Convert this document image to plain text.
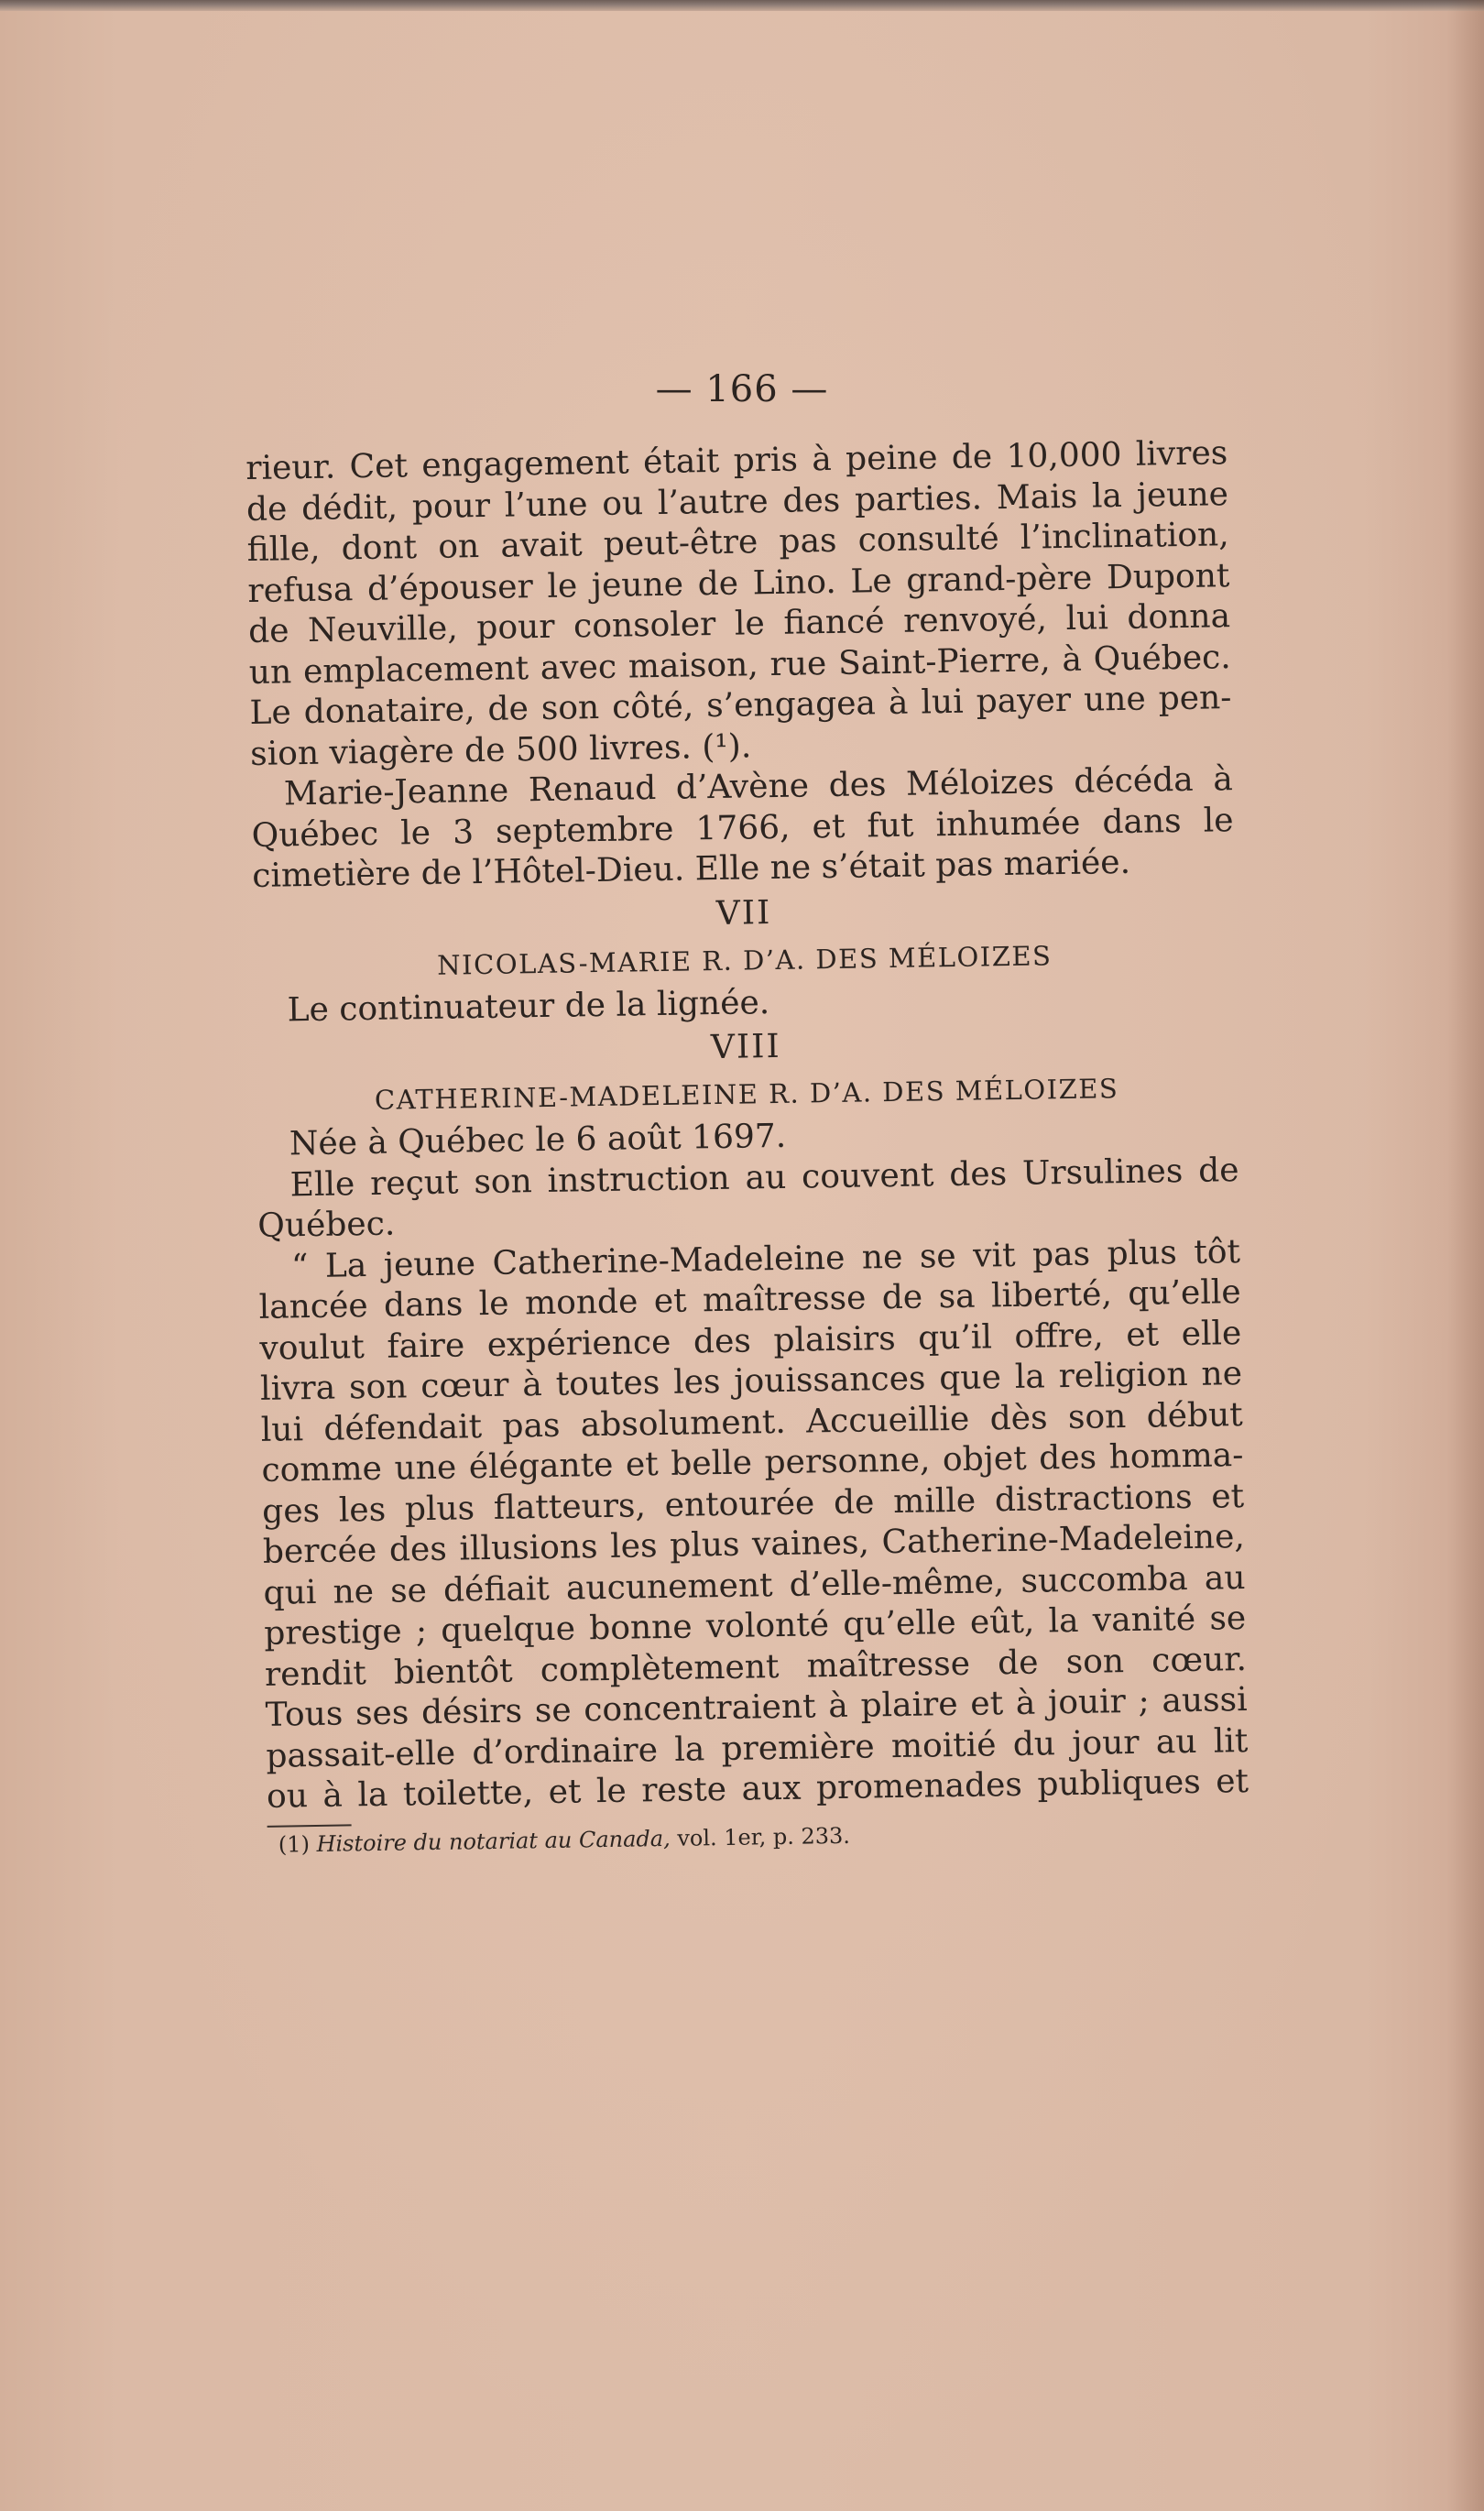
— 166 —
rieur. Cet engagement était pris à peine de 10,000 livres
de dédit, pour l’une ou l’autre des parties. Mais la jeune
fille, dont on avait peut-être pas consulté l’inclination,
refusa d’épouser le jeune de Lino. Le grand-père Dupont
de Neuville, pour consoler le fiancé renvoyé, lui donna
un emplacement avec maison, rue Saint-Pierre, à Québec.
Le donataire, de son côté, s’engagea à lui payer une pen-
sion viagère de 500 livres. (¹).
Marie-Jeanne Renaud d’Avène des Méloizes décéda à
Québec le 3 septembre 1766, et fut inhumée dans le
cimetière de l’Hôtel-Dieu. Elle ne s’était pas mariée.
VII
NICOLAS-MARIE R. D’A. DES MÉLOIZES
Le continuateur de la lignée.
VIII
CATHERINE-MADELEINE R. D’A. DES MÉLOIZES
Née à Québec le 6 août 1697.
Elle reçut son instruction au couvent des Ursulines de
Québec.
“ La jeune Catherine-Madeleine ne se vit pas plus tôt
lancée dans le monde et maîtresse de sa liberté, qu’elle
voulut faire expérience des plaisirs qu’il offre, et elle
livra son cœur à toutes les jouissances que la religion ne
lui défendait pas absolument. Accueillie dès son début
comme une élégante et belle personne, objet des homma-
ges les plus flatteurs, entourée de mille distractions et
bercée des illusions les plus vaines, Catherine-Madeleine,
qui ne se défiait aucunement d’elle-même, succomba au
prestige ; quelque bonne volonté qu’elle eût, la vanité se
rendit bientôt complètement maîtresse de son cœur.
Tous ses désirs se concentraient à plaire et à jouir ; aussi
passait-elle d’ordinaire la première moitié du jour au lit
ou à la toilette, et le reste aux promenades publiques et
(1) Histoire du notariat au Canada, vol. 1er, p. 233.
